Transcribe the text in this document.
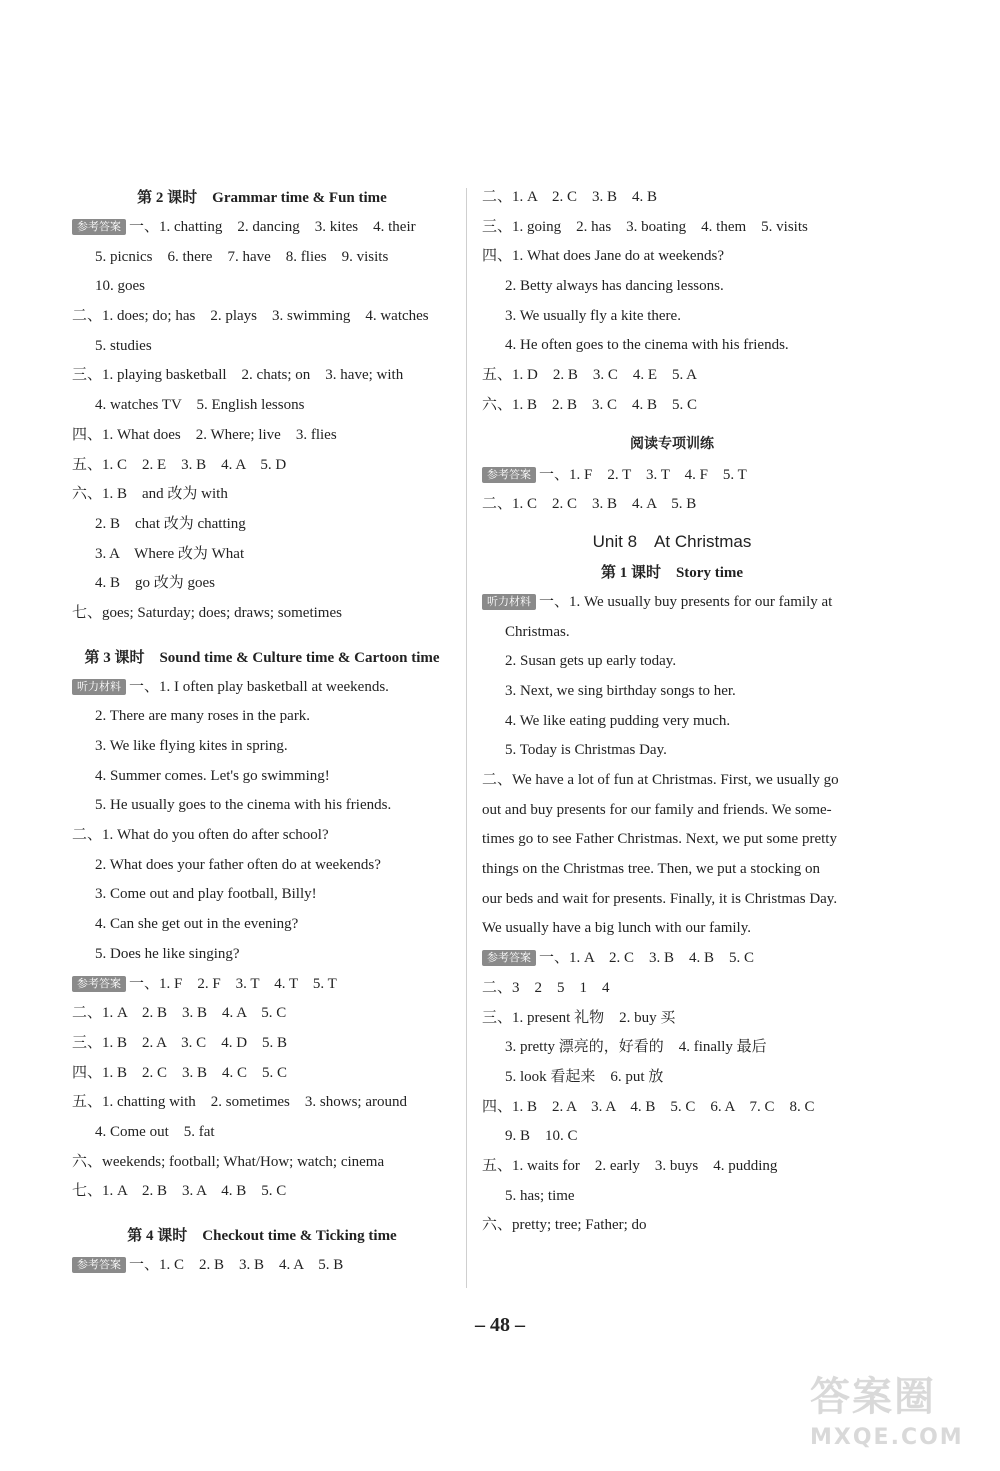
第 2 课时　Grammar time & Fun time
参考答案 一、1. chatting　2. dancing　3. kites　4. their
5. picnics　6. there　7. have　8. flies　9. visits
10. goes
二、1. does; do; has　2. plays　3. swimming　4. watches
5. studies
三、1. playing basketball　2. chats; on　3. have; with
4. watches TV　5. English lessons
四、1. What does　2. Where; live　3. flies
五、1. C　2. E　3. B　4. A　5. D
六、1. B　and 改为 with
2. B　chat 改为 chatting
3. A　Where 改为 What
4. B　go 改为 goes
七、goes; Saturday; does; draws; sometimes
第 3 课时　Sound time & Culture time & Cartoon time
听力材料 一、1. I often play basketball at weekends.
2. There are many roses in the park.
3. We like flying kites in spring.
4. Summer comes. Let's go swimming!
5. He usually goes to the cinema with his friends.
二、1. What do you often do after school?
2. What does your father often do at weekends?
3. Come out and play football, Billy!
4. Can she get out in the evening?
5. Does he like singing?
参考答案 一、1. F　2. F　3. T　4. T　5. T
二、1. A　2. B　3. B　4. A　5. C
三、1. B　2. A　3. C　4. D　5. B
四、1. B　2. C　3. B　4. C　5. C
五、1. chatting with　2. sometimes　3. shows; around
4. Come out　5. fat
六、weekends; football; What/How; watch; cinema
七、1. A　2. B　3. A　4. B　5. C
第 4 课时　Checkout time & Ticking time
参考答案 一、1. C　2. B　3. B　4. A　5. B
二、1. A　2. C　3. B　4. B
三、1. going　2. has　3. boating　4. them　5. visits
四、1. What does Jane do at weekends?
2. Betty always has dancing lessons.
3. We usually fly a kite there.
4. He often goes to the cinema with his friends.
五、1. D　2. B　3. C　4. E　5. A
六、1. B　2. B　3. C　4. B　5. C
阅读专项训练
参考答案 一、1. F　2. T　3. T　4. F　5. T
二、1. C　2. C　3. B　4. A　5. B
Unit 8　At Christmas
第 1 课时　Story time
听力材料 一、1. We usually buy presents for our family at
Christmas.
2. Susan gets up early today.
3. Next, we sing birthday songs to her.
4. We like eating pudding very much.
5. Today is Christmas Day.
二、We have a lot of fun at Christmas. First, we usually go
out and buy presents for our family and friends. We some-
times go to see Father Christmas. Next, we put some pretty
things on the Christmas tree. Then, we put a stocking on
our beds and wait for presents. Finally, it is Christmas Day.
We usually have a big lunch with our family.
参考答案 一、1. A　2. C　3. B　4. B　5. C
二、3　2　5　1　4
三、1. present 礼物　2. buy 买
3. pretty 漂亮的，好看的　4. finally 最后
5. look 看起来　6. put 放
四、1. B　2. A　3. A　4. B　5. C　6. A　7. C　8. C
9. B　10. C
五、1. waits for　2. early　3. buys　4. pudding
5. has; time
六、pretty; tree; Father; do
– 48 –
答案圈
MXQE.COM
